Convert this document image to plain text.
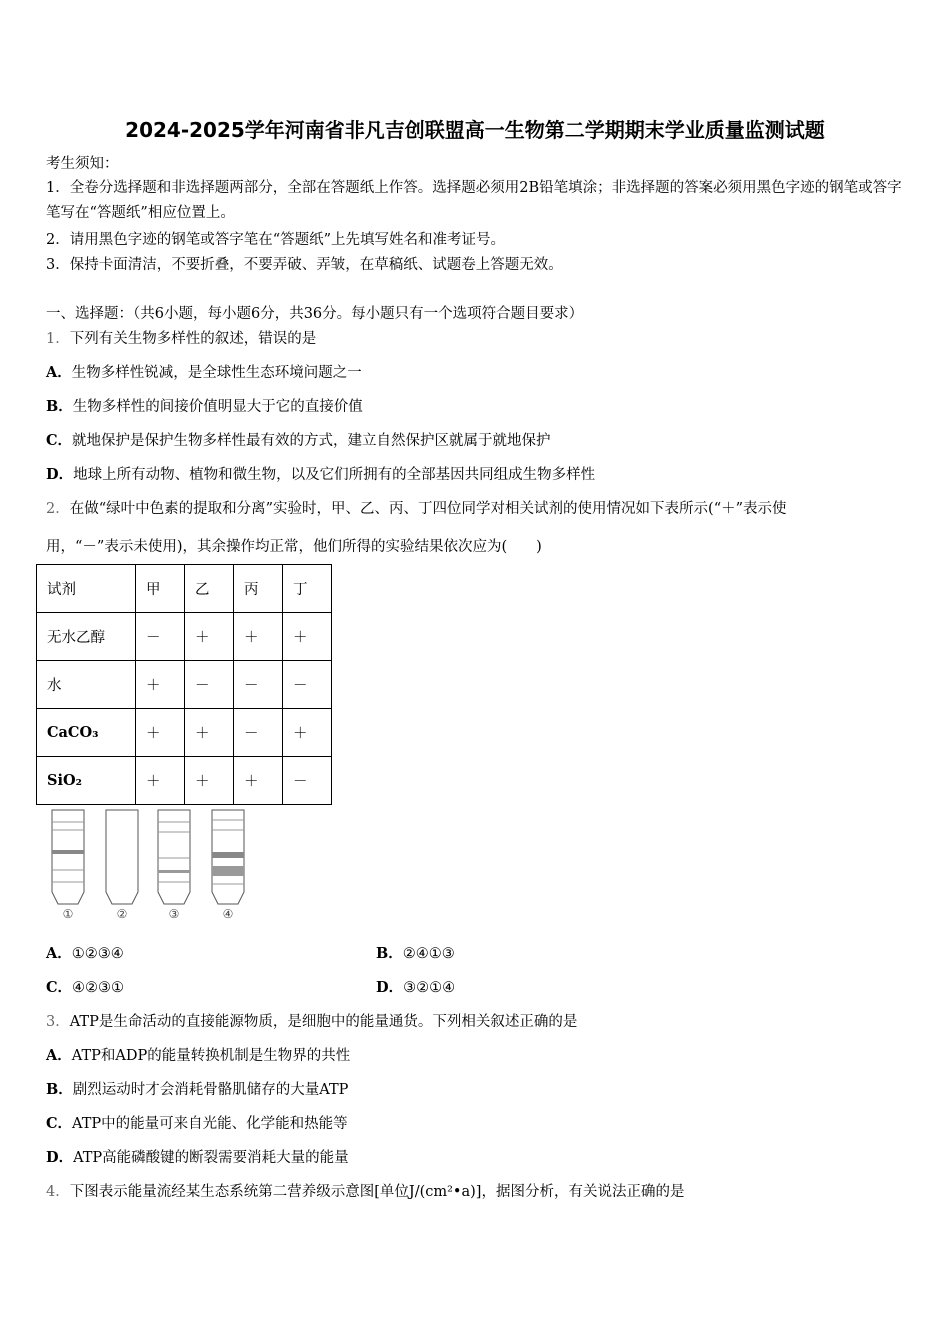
2024-2025学年河南省非凡吉创联盟高一生物第二学期期末学业质量监测试题
考生须知：
1．全卷分选择题和非选择题两部分，全部在答题纸上作答。选择题必须用2B铅笔填涂；非选择题的答案必须用黑色字迹的钢笔或答字笔写在“答题纸”相应位置上。
2．请用黑色字迹的钢笔或答字笔在“答题纸”上先填写姓名和准考证号。
3．保持卡面清洁，不要折叠，不要弄破、弄皱，在草稿纸、试题卷上答题无效。
一、选择题：（共6小题，每小题6分，共36分。每小题只有一个选项符合题目要求）
1．下列有关生物多样性的叙述，错误的是
A．生物多样性锐减，是全球性生态环境问题之一
B．生物多样性的间接价值明显大于它的直接价值
C．就地保护是保护生物多样性最有效的方式，建立自然保护区就属于就地保护
D．地球上所有动物、植物和微生物，以及它们所拥有的全部基因共同组成生物多样性
2．在做“绿叶中色素的提取和分离”实验时，甲、乙、丙、丁四位同学对相关试剂的使用情况如下表所示(“＋”表示使
用，“－”表示未使用)，其余操作均正常，他们所得的实验结果依次应为(　　)
试剂	甲	乙	丙	丁
无水乙醇	－	＋	＋	＋
水	＋	－	－	－
CaCO₃	＋	＋	－	＋
SiO₂	＋	＋	＋	－
①	②	③	④
A．①②③④	B．②④①③
C．④②③①	D．③②①④
3．ATP是生命活动的直接能源物质，是细胞中的能量通货。下列相关叙述正确的是
A．ATP和ADP的能量转换机制是生物界的共性
B．剧烈运动时才会消耗骨骼肌储存的大量ATP
C．ATP中的能量可来自光能、化学能和热能等
D．ATP高能磷酸键的断裂需要消耗大量的能量
4．下图表示能量流经某生态系统第二营养级示意图[单位J/(cm²•a)]，据图分析，有关说法正确的是
